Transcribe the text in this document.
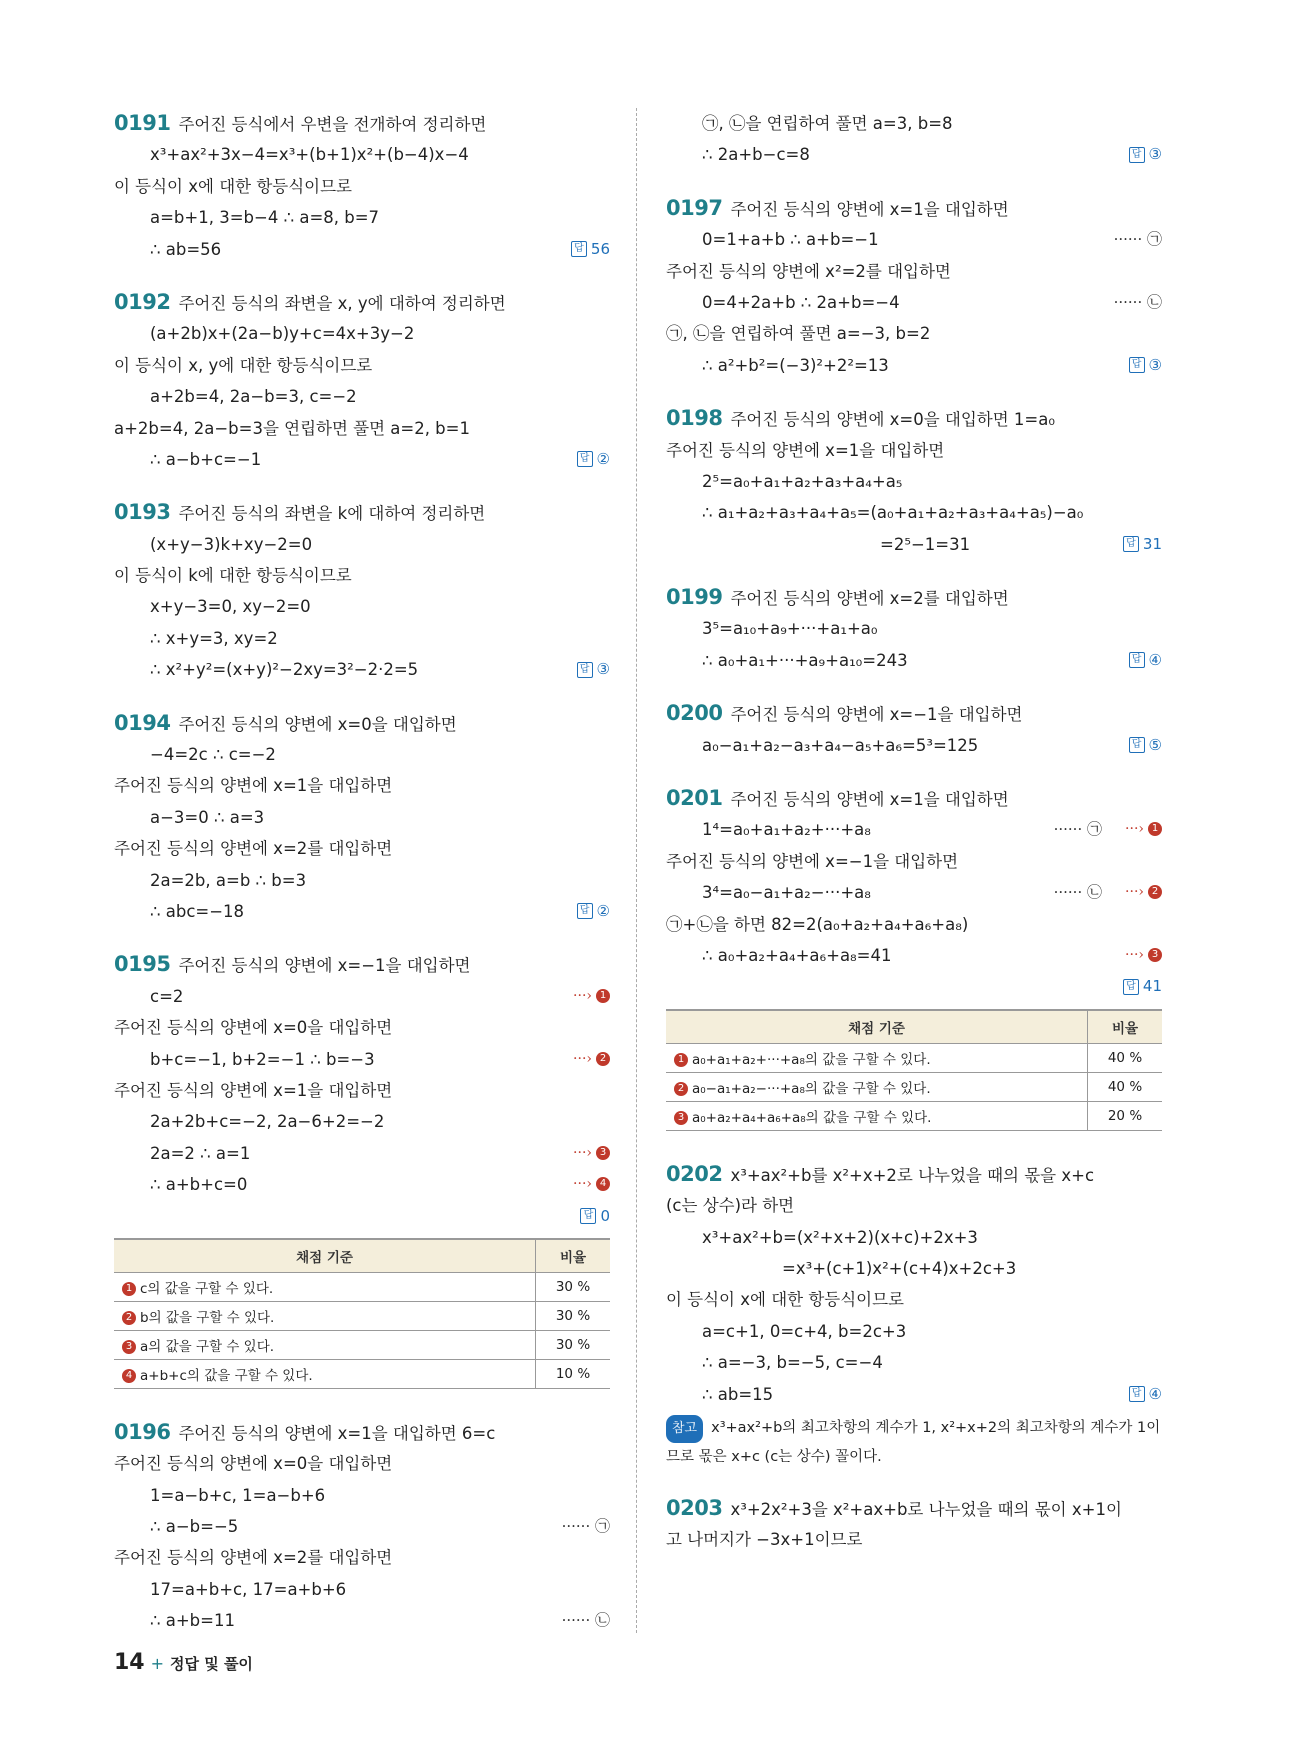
0191 주어진 등식에서 우변을 전개하여 정리하면
x³+ax²+3x−4=x³+(b+1)x²+(b−4)x−4
이 등식이 x에 대한 항등식이므로
a=b+1, 3=b−4 ∴ a=8, b=7
∴ ab=56	답 56
0192 주어진 등식의 좌변을 x, y에 대하여 정리하면
(a+2b)x+(2a−b)y+c=4x+3y−2
이 등식이 x, y에 대한 항등식이므로
a+2b=4, 2a−b=3, c=−2
a+2b=4, 2a−b=3을 연립하면 풀면 a=2, b=1
∴ a−b+c=−1	답 ②
0193 주어진 등식의 좌변을 k에 대하여 정리하면
(x+y−3)k+xy−2=0
이 등식이 k에 대한 항등식이므로
x+y−3=0, xy−2=0
∴ x+y=3, xy=2
∴ x²+y²=(x+y)²−2xy=3²−2·2=5	답 ③
0194 주어진 등식의 양변에 x=0을 대입하면
−4=2c ∴ c=−2
주어진 등식의 양변에 x=1을 대입하면
a−3=0 ∴ a=3
주어진 등식의 양변에 x=2를 대입하면
2a=2b, a=b ∴ b=3
∴ abc=−18	답 ②
0195 주어진 등식의 양변에 x=−1을 대입하면
c=2	···› 1
주어진 등식의 양변에 x=0을 대입하면
b+c=−1, b+2=−1 ∴ b=−3	···› 2
주어진 등식의 양변에 x=1을 대입하면
2a+2b+c=−2, 2a−6+2=−2
2a=2 ∴ a=1	···› 3
∴ a+b+c=0	···› 4
답 0
채점 기준	비율
1 c의 값을 구할 수 있다.	30 %
2 b의 값을 구할 수 있다.	30 %
3 a의 값을 구할 수 있다.	30 %
4 a+b+c의 값을 구할 수 있다.	10 %
0196 주어진 등식의 양변에 x=1을 대입하면 6=c
주어진 등식의 양변에 x=0을 대입하면
1=a−b+c, 1=a−b+6
∴ a−b=−5	······ ㉠
주어진 등식의 양변에 x=2를 대입하면
17=a+b+c, 17=a+b+6
∴ a+b=11	······ ㉡
㉠, ㉡을 연립하여 풀면 a=3, b=8
∴ 2a+b−c=8	답 ③
0197 주어진 등식의 양변에 x=1을 대입하면
0=1+a+b ∴ a+b=−1	······ ㉠
주어진 등식의 양변에 x²=2를 대입하면
0=4+2a+b ∴ 2a+b=−4	······ ㉡
㉠, ㉡을 연립하여 풀면 a=−3, b=2
∴ a²+b²=(−3)²+2²=13	답 ③
0198 주어진 등식의 양변에 x=0을 대입하면 1=a₀
주어진 등식의 양변에 x=1을 대입하면
2⁵=a₀+a₁+a₂+a₃+a₄+a₅
∴ a₁+a₂+a₃+a₄+a₅=(a₀+a₁+a₂+a₃+a₄+a₅)−a₀
=2⁵−1=31	답 31
0199 주어진 등식의 양변에 x=2를 대입하면
3⁵=a₁₀+a₉+···+a₁+a₀
∴ a₀+a₁+···+a₉+a₁₀=243	답 ④
0200 주어진 등식의 양변에 x=−1을 대입하면
a₀−a₁+a₂−a₃+a₄−a₅+a₆=5³=125	답 ⑤
0201 주어진 등식의 양변에 x=1을 대입하면
1⁴=a₀+a₁+a₂+···+a₈	······ ㉠ ···› 1
주어진 등식의 양변에 x=−1을 대입하면
3⁴=a₀−a₁+a₂−···+a₈	······ ㉡ ···› 2
㉠+㉡을 하면 82=2(a₀+a₂+a₄+a₆+a₈)
∴ a₀+a₂+a₄+a₆+a₈=41	···› 3
답 41
채점 기준	비율
1 a₀+a₁+a₂+···+a₈의 값을 구할 수 있다.	40 %
2 a₀−a₁+a₂−···+a₈의 값을 구할 수 있다.	40 %
3 a₀+a₂+a₄+a₆+a₈의 값을 구할 수 있다.	20 %
0202 x³+ax²+b를 x²+x+2로 나누었을 때의 몫을 x+c
(c는 상수)라 하면
x³+ax²+b=(x²+x+2)(x+c)+2x+3
=x³+(c+1)x²+(c+4)x+2c+3
이 등식이 x에 대한 항등식이므로
a=c+1, 0=c+4, b=2c+3
∴ a=−3, b=−5, c=−4
∴ ab=15	답 ④
참고 x³+ax²+b의 최고차항의 계수가 1, x²+x+2의 최고차항의 계수가 1이므로 몫은 x+c (c는 상수) 꼴이다.
0203 x³+2x²+3을 x²+ax+b로 나누었을 때의 몫이 x+1이
고 나머지가 −3x+1이므로
14 + 정답 및 풀이
